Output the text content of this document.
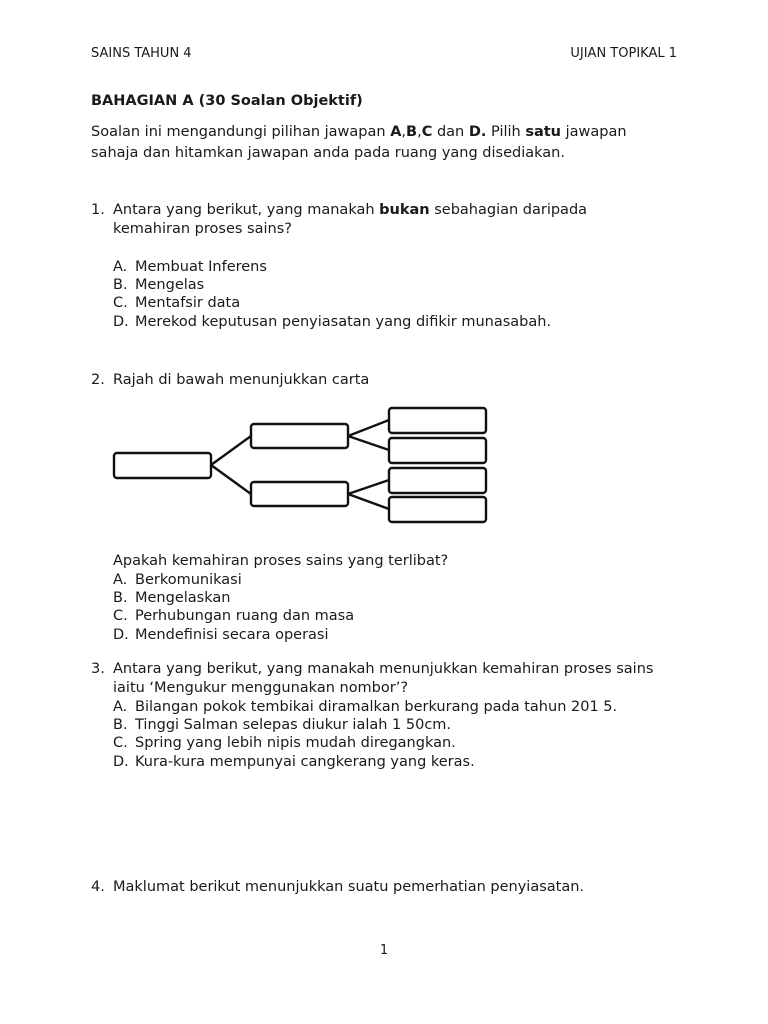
SAINS TAHUN 4	UJIAN TOPIKAL 1
BAHAGIAN A (30 Soalan Objektif)
Soalan ini mengandungi pilihan jawapan A,B,C dan D. Pilih satu jawapan
sahaja dan hitamkan jawapan anda pada ruang yang disediakan.
1. Antara yang berikut, yang manakah bukan sebahagian daripada
kemahiran proses sains?
A. Membuat Inferens
B. Mengelas
C. Mentafsir data
D. Merekod keputusan penyiasatan yang difikir munasabah.
2. Rajah di bawah menunjukkan carta
Apakah kemahiran proses sains yang terlibat?
A. Berkomunikasi
B. Mengelaskan
C. Perhubungan ruang dan masa
D. Mendefinisi secara operasi
3. Antara yang berikut, yang manakah menunjukkan kemahiran proses sains
iaitu ‘Mengukur menggunakan nombor’?
A. Bilangan pokok tembikai diramalkan berkurang pada tahun 201 5.
B. Tinggi Salman selepas diukur ialah 1 50cm.
C. Spring yang lebih nipis mudah diregangkan.
D. Kura-kura mempunyai cangkerang yang keras.
4. Maklumat berikut menunjukkan suatu pemerhatian penyiasatan.
1
